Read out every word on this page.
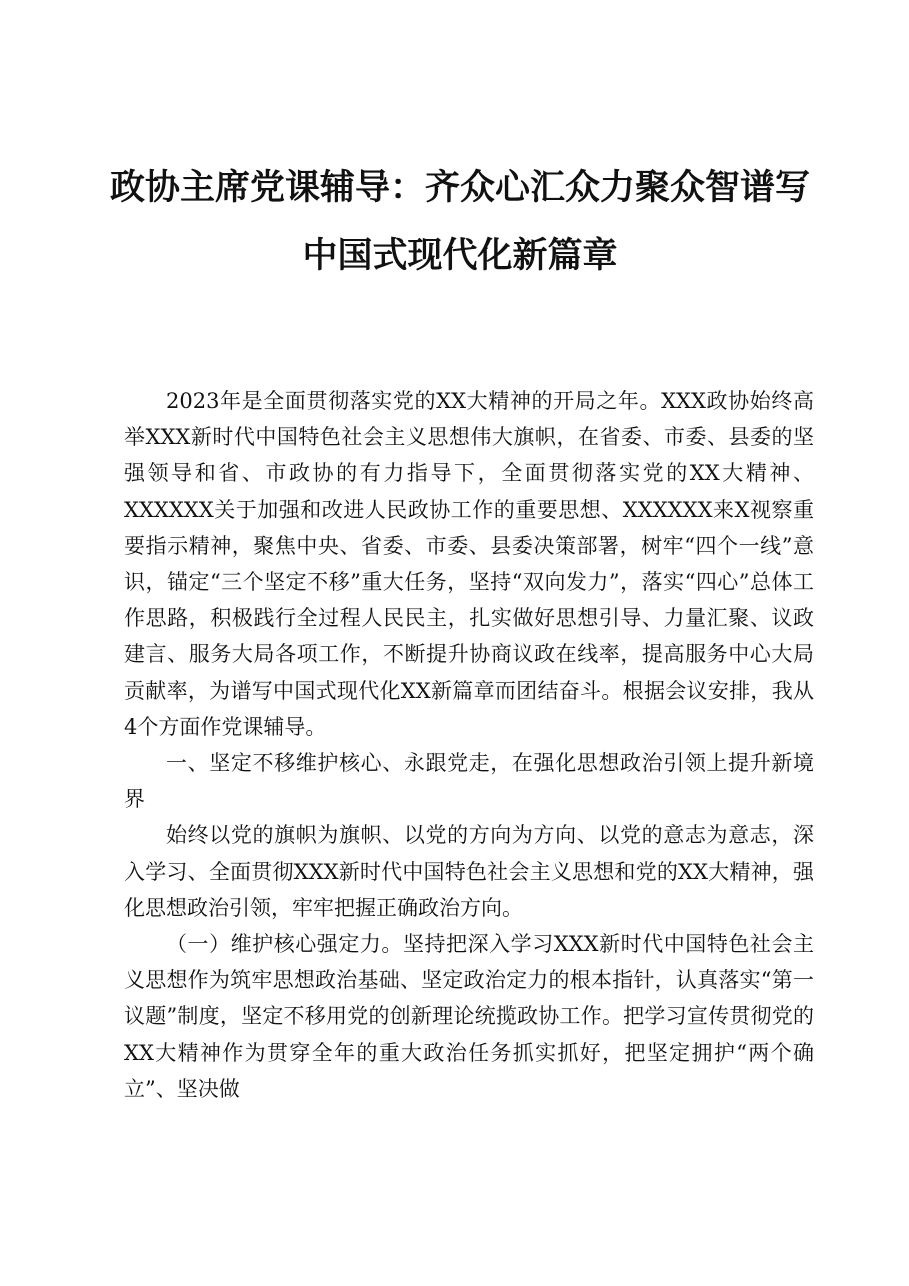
政协主席党课辅导：齐众心汇众力聚众智谱写
中国式现代化新篇章

2023年是全面贯彻落实党的XX大精神的开局之年。XXX政协始终高举XXX新时代中国特色社会主义思想伟大旗帜，在省委、市委、县委的坚强领导和省、市政协的有力指导下，全面贯彻落实党的XX大精神、XXXXXX关于加强和改进人民政协工作的重要思想、XXXXXX来X视察重要指示精神，聚焦中央、省委、市委、县委决策部署，树牢“四个一线”意识，锚定“三个坚定不移”重大任务，坚持“双向发力”，落实“四心”总体工作思路，积极践行全过程人民民主，扎实做好思想引导、力量汇聚、议政建言、服务大局各项工作，不断提升协商议政在线率，提高服务中心大局贡献率，为谱写中国式现代化XX新篇章而团结奋斗。根据会议安排，我从4个方面作党课辅导。

一、坚定不移维护核心、永跟党走，在强化思想政治引领上提升新境界

始终以党的旗帜为旗帜、以党的方向为方向、以党的意志为意志，深入学习、全面贯彻XXX新时代中国特色社会主义思想和党的XX大精神，强化思想政治引领，牢牢把握正确政治方向。

（一）维护核心强定力。坚持把深入学习XXX新时代中国特色社会主义思想作为筑牢思想政治基础、坚定政治定力的根本指针，认真落实“第一议题”制度，坚定不移用党的创新理论统揽政协工作。把学习宣传贯彻党的XX大精神作为贯穿全年的重大政治任务抓实抓好，把坚定拥护“两个确立”、坚决做
